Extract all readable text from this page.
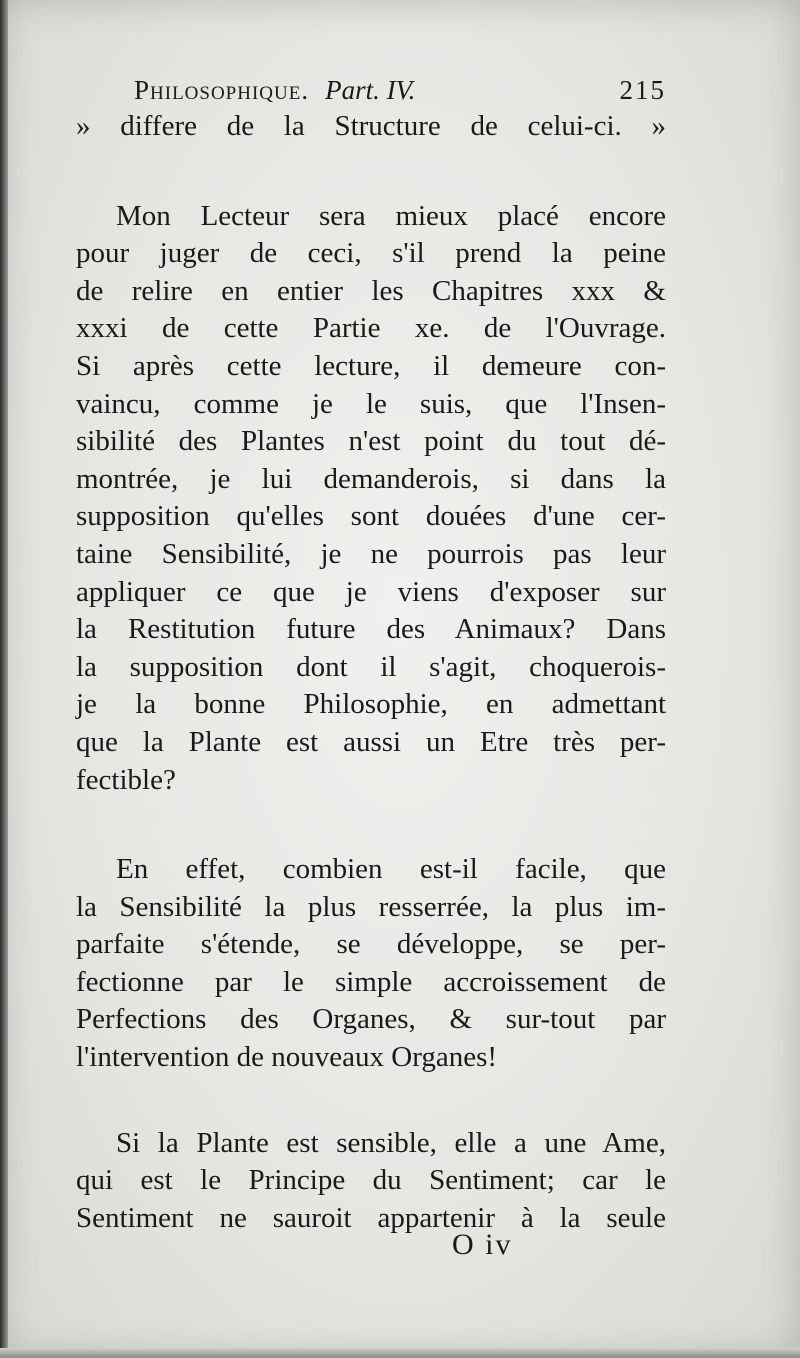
Philosophique. Part. IV.	215
» differe de la Structure de celui-ci. »
Mon Lecteur sera mieux placé encore
pour juger de ceci, s'il prend la peine
de relire en entier les Chapitres xxx &
xxxi de cette Partie xe. de l'Ouvrage.
Si après cette lecture, il demeure con-
vaincu, comme je le suis, que l'Insen-
sibilité des Plantes n'est point du tout dé-
montrée, je lui demanderois, si dans la
supposition qu'elles sont douées d'une cer-
taine Sensibilité, je ne pourrois pas leur
appliquer ce que je viens d'exposer sur
la Restitution future des Animaux? Dans
la supposition dont il s'agit, choquerois-
je la bonne Philosophie, en admettant
que la Plante est aussi un Etre très per-
fectible?
En effet, combien est-il facile, que
la Sensibilité la plus resserrée, la plus im-
parfaite s'étende, se développe, se per-
fectionne par le simple accroissement de
Perfections des Organes, & sur-tout par
l'intervention de nouveaux Organes!
Si la Plante est sensible, elle a une Ame,
qui est le Principe du Sentiment; car le
Sentiment ne sauroit appartenir à la seule
O iv
